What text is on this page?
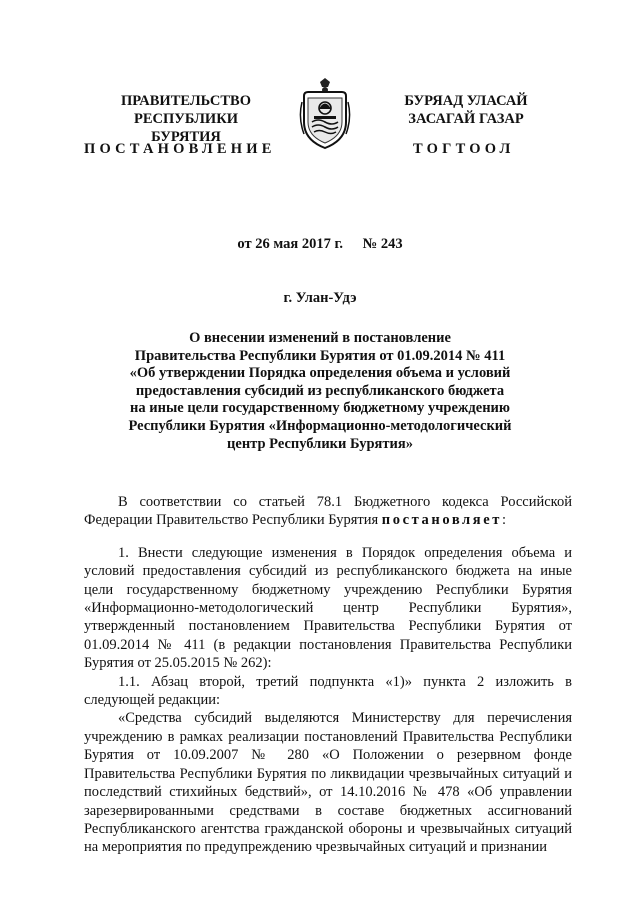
ПРАВИТЕЛЬСТВО
РЕСПУБЛИКИ БУРЯТИЯ
БУРЯАД УЛАСАЙ
ЗАСАГАЙ ГАЗАР
ПОСТАНОВЛЕНИЕ	ТОГТООЛ
от 26 мая 2017 г. № 243
г. Улан-Удэ
О внесении изменений в постановление
Правительства Республики Бурятия от 01.09.2014 № 411
«Об утверждении Порядка определения объема и условий
предоставления субсидий из республиканского бюджета
на иные цели государственному бюджетному учреждению
Республики Бурятия «Информационно-методологический
центр Республики Бурятия»

В соответствии со статьей 78.1 Бюджетного кодекса Российской Федерации Правительство Республики Бурятия постановляет:

1. Внести следующие изменения в Порядок определения объема и условий предоставления субсидий из республиканского бюджета на иные цели государственному бюджетному учреждению Республики Бурятия «Информационно-методологический центр Республики Бурятия», утвержденный постановлением Правительства Республики Бурятия от 01.09.2014 № 411 (в редакции постановления Правительства Республики Бурятия от 25.05.2015 № 262):

1.1. Абзац второй, третий подпункта «1)» пункта 2 изложить в следующей редакции:

«Средства субсидий выделяются Министерству для перечисления учреждению в рамках реализации постановлений Правительства Республики Бурятия от 10.09.2007 № 280 «О Положении о резервном фонде Правительства Республики Бурятия по ликвидации чрезвычайных ситуаций и последствий стихийных бедствий», от 14.10.2016 № 478 «Об управлении зарезервированными средствами в составе бюджетных ассигнований Республиканского агентства гражданской обороны и чрезвычайных ситуаций на мероприятия по предупреждению чрезвычайных ситуаций и признании
